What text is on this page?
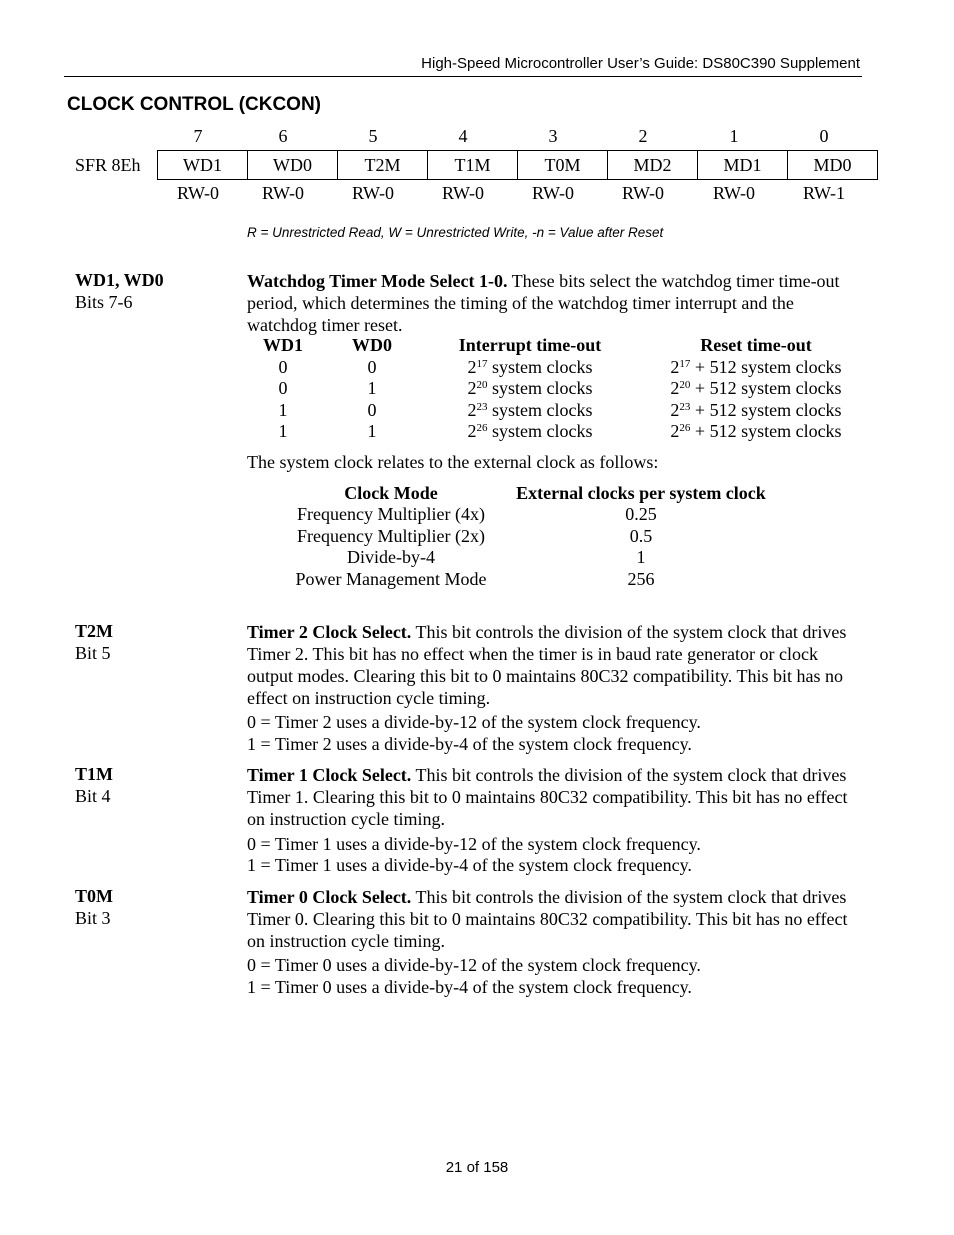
High-Speed Microcontroller User’s Guide: DS80C390 Supplement
CLOCK CONTROL (CKCON)
7	6	5	4	3	2	1	0
SFR 8Eh	WD1	WD0	T2M	T1M	T0M	MD2	MD1	MD0
RW-0	RW-0	RW-0	RW-0	RW-0	RW-0	RW-0	RW-1
R = Unrestricted Read, W = Unrestricted Write, -n = Value after Reset
WD1, WD0
Bits 7-6
Watchdog Timer Mode Select 1-0. These bits select the watchdog timer time-out period, which determines the timing of the watchdog timer interrupt and the watchdog timer reset.
WD1	WD0	Interrupt time-out	Reset time-out
0	0	$2^{17}$ system clocks	$2^{17} + 512$ system clocks
0	1	$2^{20}$ system clocks	$2^{20} + 512$ system clocks
1	0	$2^{23}$ system clocks	$2^{23} + 512$ system clocks
1	1	$2^{26}$ system clocks	$2^{26} + 512$ system clocks
The system clock relates to the external clock as follows:
Clock Mode	External clocks per system clock
Frequency Multiplier (4x)	0.25
Frequency Multiplier (2x)	0.5
Divide-by-4	1
Power Management Mode	256
T2M
Bit 5
Timer 2 Clock Select. This bit controls the division of the system clock that drives Timer 2. This bit has no effect when the timer is in baud rate generator or clock output modes. Clearing this bit to 0 maintains 80C32 compatibility. This bit has no effect on instruction cycle timing.
0 = Timer 2 uses a divide-by-12 of the system clock frequency.
1 = Timer 2 uses a divide-by-4 of the system clock frequency.
T1M
Bit 4
Timer 1 Clock Select. This bit controls the division of the system clock that drives Timer 1. Clearing this bit to 0 maintains 80C32 compatibility. This bit has no effect on instruction cycle timing.
0 = Timer 1 uses a divide-by-12 of the system clock frequency.
1 = Timer 1 uses a divide-by-4 of the system clock frequency.
T0M
Bit 3
Timer 0 Clock Select. This bit controls the division of the system clock that drives Timer 0. Clearing this bit to 0 maintains 80C32 compatibility. This bit has no effect on instruction cycle timing.
0 = Timer 0 uses a divide-by-12 of the system clock frequency.
1 = Timer 0 uses a divide-by-4 of the system clock frequency.
21 of 158
